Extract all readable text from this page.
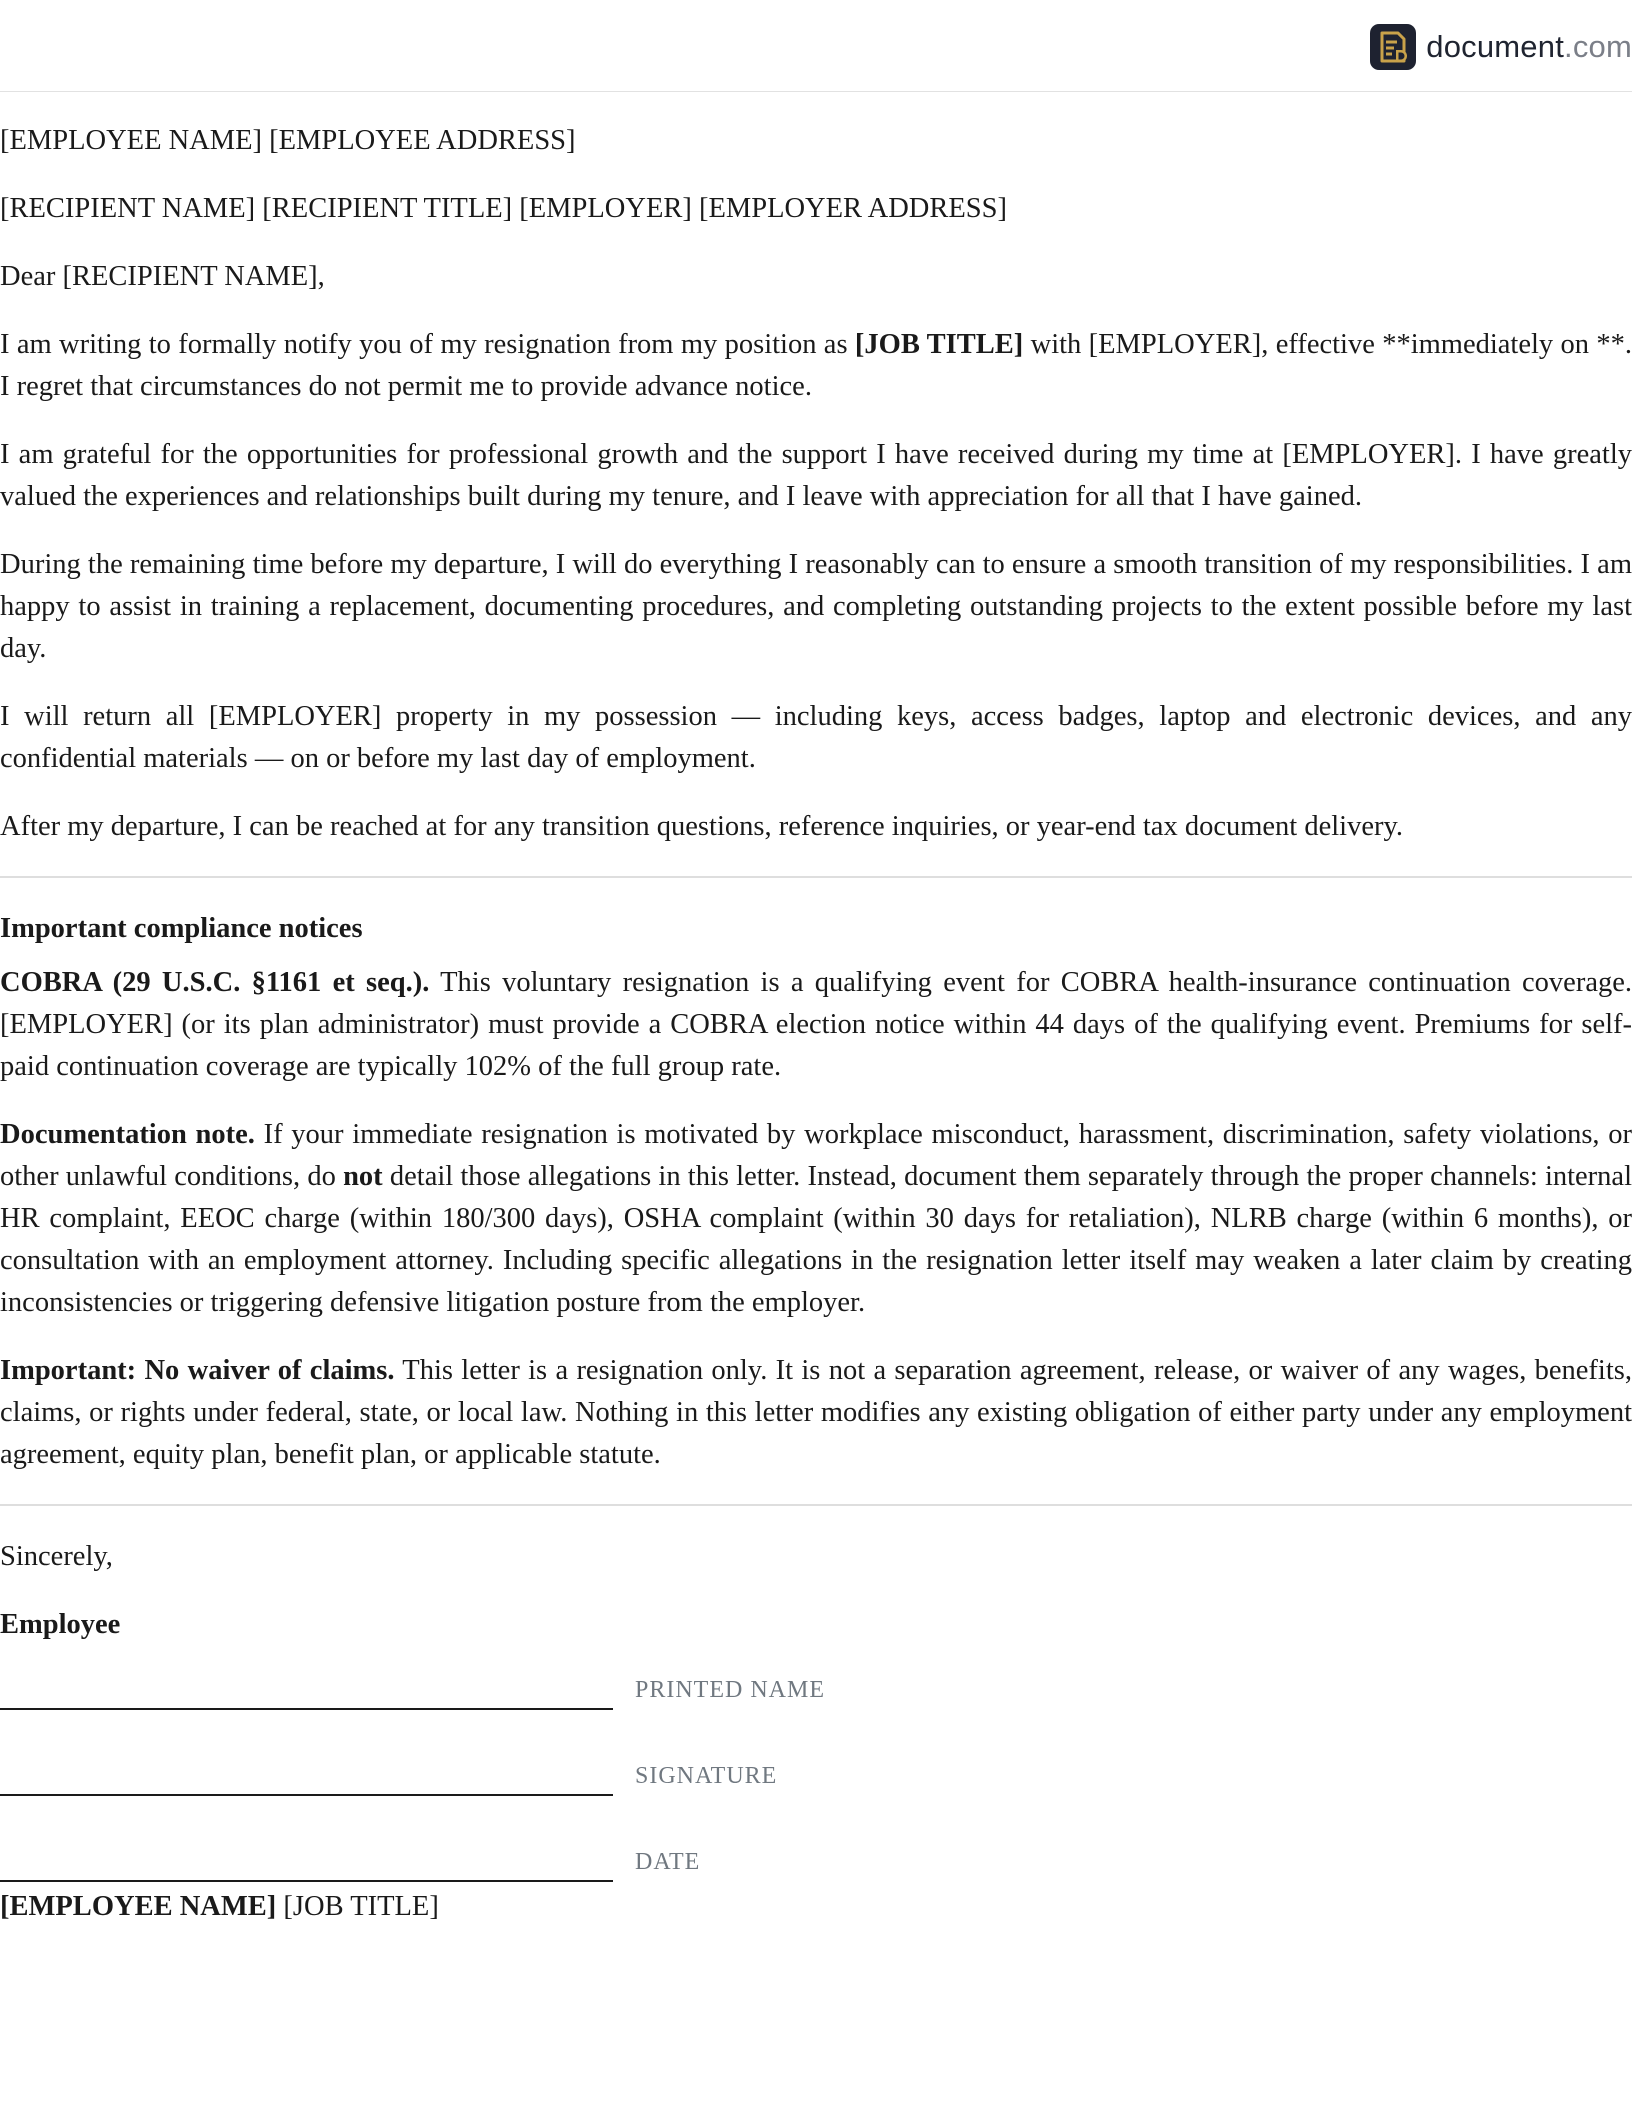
document.com

[EMPLOYEE NAME] [EMPLOYEE ADDRESS]

[RECIPIENT NAME] [RECIPIENT TITLE] [EMPLOYER] [EMPLOYER ADDRESS]

Dear [RECIPIENT NAME],

I am writing to formally notify you of my resignation from my position as [JOB TITLE] with [EMPLOYER], effective **immediately on **. I regret that circumstances do not permit me to provide advance notice.

I am grateful for the opportunities for professional growth and the support I have received during my time at [EMPLOYER]. I have greatly valued the experiences and relationships built during my tenure, and I leave with appreciation for all that I have gained.

During the remaining time before my departure, I will do everything I reasonably can to ensure a smooth transition of my responsibilities. I am happy to assist in training a replacement, documenting procedures, and completing outstanding projects to the extent possible before my last day.

I will return all [EMPLOYER] property in my possession — including keys, access badges, laptop and electronic devices, and any confidential materials — on or before my last day of employment.

After my departure, I can be reached at for any transition questions, reference inquiries, or year-end tax document delivery.

Important compliance notices

COBRA (29 U.S.C. §1161 et seq.). This voluntary resignation is a qualifying event for COBRA health-insurance continuation coverage. [EMPLOYER] (or its plan administrator) must provide a COBRA election notice within 44 days of the qualifying event. Premiums for self-paid continuation coverage are typically 102% of the full group rate.

Documentation note. If your immediate resignation is motivated by workplace misconduct, harassment, discrimination, safety violations, or other unlawful conditions, do not detail those allegations in this letter. Instead, document them separately through the proper channels: internal HR complaint, EEOC charge (within 180/300 days), OSHA complaint (within 30 days for retaliation), NLRB charge (within 6 months), or consultation with an employment attorney. Including specific allegations in the resignation letter itself may weaken a later claim by creating inconsistencies or triggering defensive litigation posture from the employer.

Important: No waiver of claims. This letter is a resignation only. It is not a separation agreement, release, or waiver of any wages, benefits, claims, or rights under federal, state, or local law. Nothing in this letter modifies any existing obligation of either party under any employment agreement, equity plan, benefit plan, or applicable statute.

Sincerely,

Employee

PRINTED NAME
SIGNATURE
DATE

[EMPLOYEE NAME] [JOB TITLE]
